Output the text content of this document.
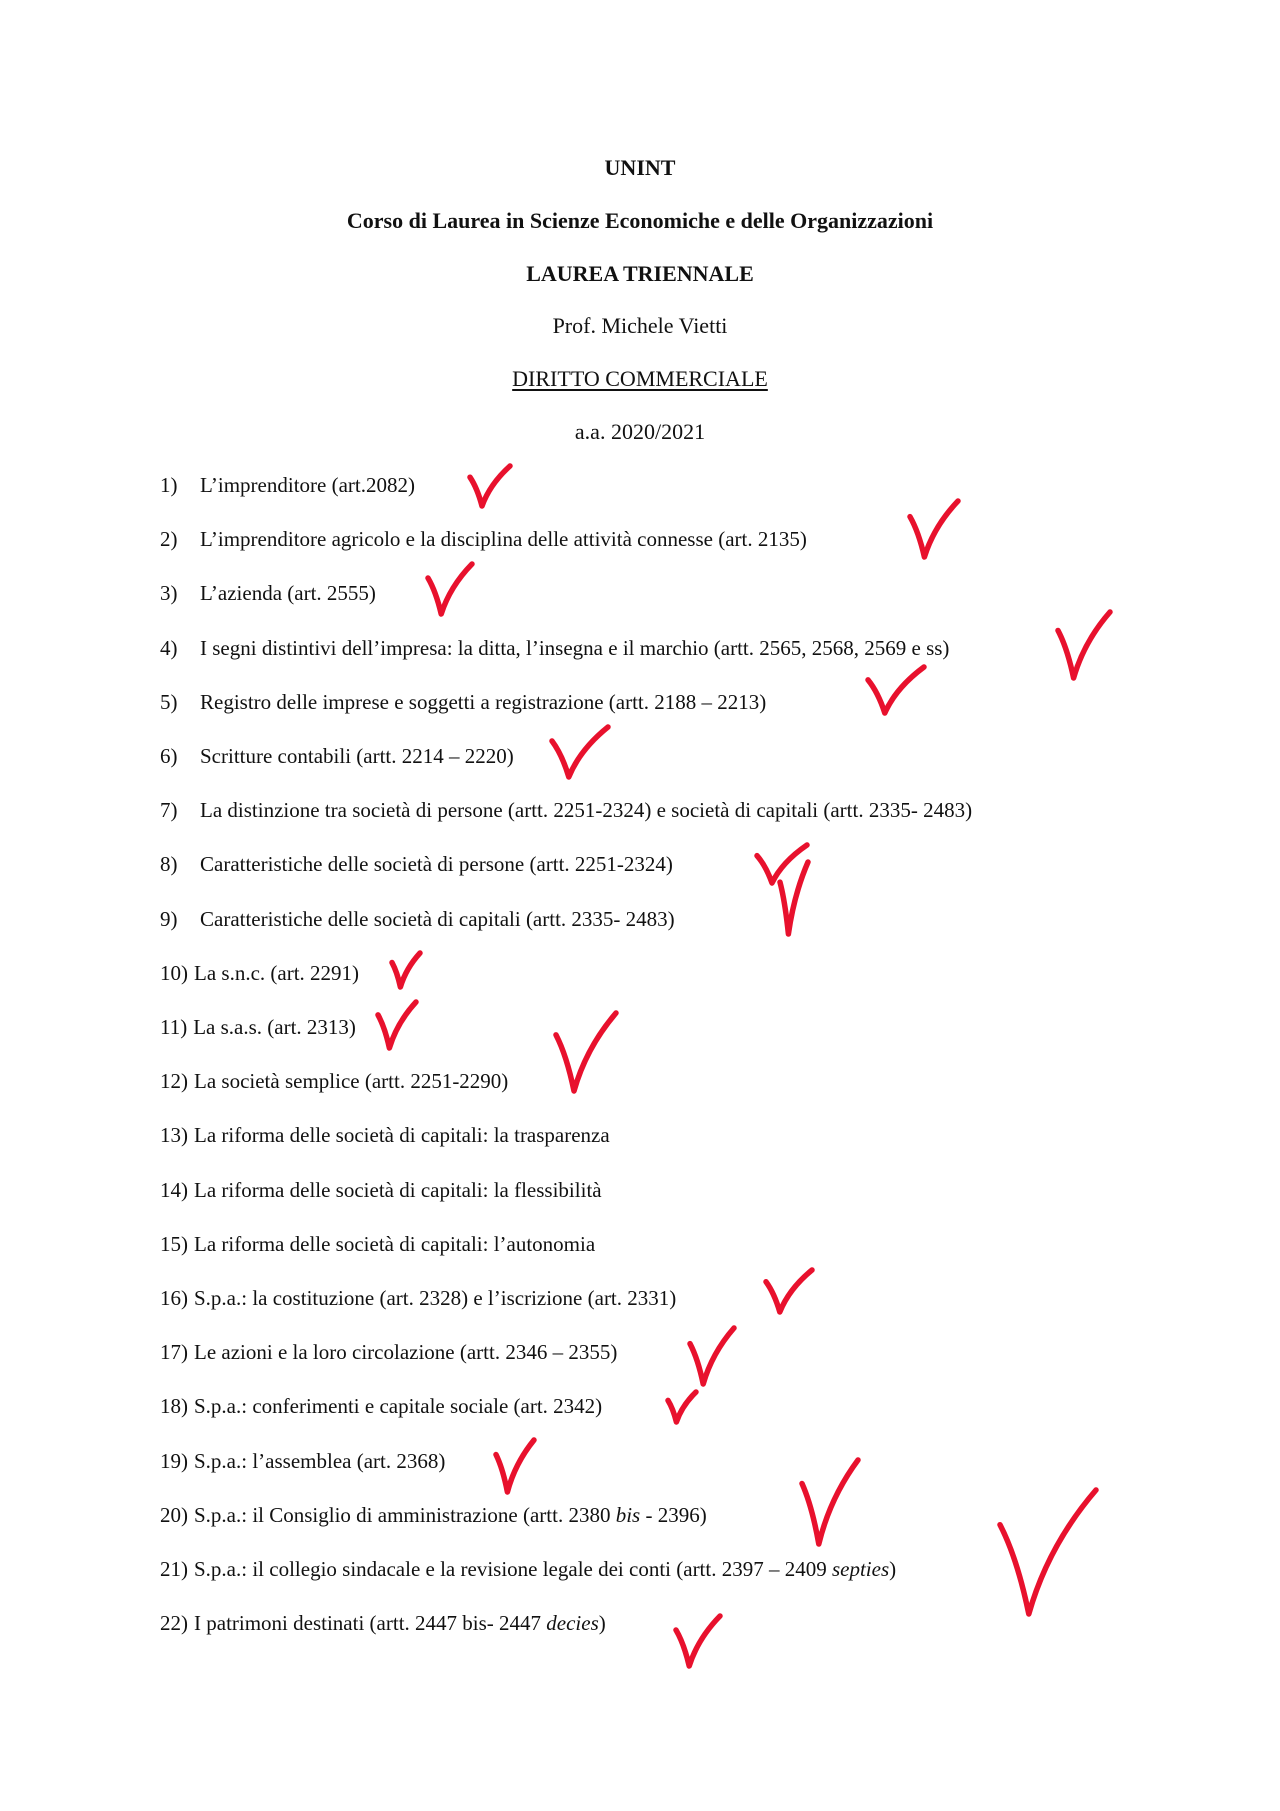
UNINT
Corso di Laurea in Scienze Economiche e delle Organizzazioni
LAUREA TRIENNALE
Prof. Michele Vietti
DIRITTO COMMERCIALE
a.a. 2020/2021
1) L’imprenditore (art.2082)
2) L’imprenditore agricolo e la disciplina delle attività connesse (art. 2135)
3) L’azienda (art. 2555)
4) I segni distintivi dell’impresa: la ditta, l’insegna e il marchio (artt. 2565, 2568, 2569 e ss)
5) Registro delle imprese e soggetti a registrazione (artt. 2188 – 2213)
6) Scritture contabili (artt. 2214 – 2220)
7) La distinzione tra società di persone (artt. 2251-2324) e società di capitali (artt. 2335- 2483)
8) Caratteristiche delle società di persone (artt. 2251-2324)
9) Caratteristiche delle società di capitali (artt. 2335- 2483)
10) La s.n.c. (art. 2291)
11) La s.a.s. (art. 2313)
12) La società semplice (artt. 2251-2290)
13) La riforma delle società di capitali: la trasparenza
14) La riforma delle società di capitali: la flessibilità
15) La riforma delle società di capitali: l’autonomia
16) S.p.a.: la costituzione (art. 2328) e l’iscrizione (art. 2331)
17) Le azioni e la loro circolazione (artt. 2346 – 2355)
18) S.p.a.: conferimenti e capitale sociale (art. 2342)
19) S.p.a.: l’assemblea (art. 2368)
20) S.p.a.: il Consiglio di amministrazione (artt. 2380 bis - 2396)
21) S.p.a.: il collegio sindacale e la revisione legale dei conti (artt. 2397 – 2409 septies)
22) I patrimoni destinati (artt. 2447 bis- 2447 decies)
